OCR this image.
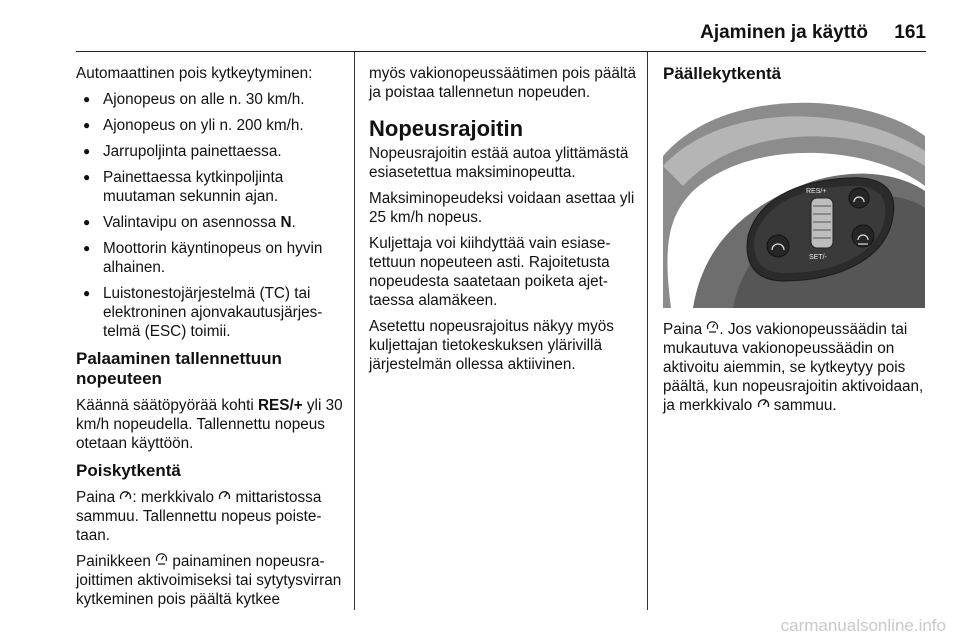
Ajaminen ja käyttö 161

Automaattinen pois kytkeytyminen:

● Ajonopeus on alle n. 30 km/h.
● Ajonopeus on yli n. 200 km/h.
● Jarrupoljinta painettaessa.
● Painettaessa kytkinpoljinta muutaman sekunnin ajan.
● Valintavipu on asennossa N.
● Moottorin käyntinopeus on hyvin alhainen.
● Luistonestojärjestelmä (TC) tai elektroninen ajonvakautusjärjestelmä (ESC) toimii.
Palaaminen tallennettuun nopeuteen

Käännä säätöpyörää kohti RES/+ yli 30 km/h nopeudella. Tallennettu nopeus otetaan käyttöön.

Poiskytkentä

Paina : merkkivalo  mittaristossa sammuu. Tallennettu nopeus poistetaan.

Painikkeen  painaminen nopeusrajoittimen aktivoimiseksi tai sytytysvirran kytkeminen pois päältä kytkee

myös vakionopeussäätimen pois päältä ja poistaa tallennetun nopeuden.

Nopeusrajoitin

Nopeusrajoitin estää autoa ylittämästä esiasetettua maksiminopeutta.

Maksiminopeudeksi voidaan asettaa yli 25 km/h nopeus.

Kuljettaja voi kiihdyttää vain esiasetettuun nopeuteen asti. Rajoitetusta nopeudesta saatetaan poiketa ajettaessa alamäkeen.

Asetettu nopeusrajoitus näkyy myös kuljettajan tietokeskuksen ylärivillä järjestelmän ollessa aktiivinen.

Päällekytkentä
RES/+
SET/-

Paina . Jos vakionopeussäädin tai mukautuva vakionopeussäädin on aktivoitu aiemmin, se kytkeytyy pois päältä, kun nopeusrajoitin aktivoidaan, ja merkkivalo  sammuu.

carmanualsonline.info
